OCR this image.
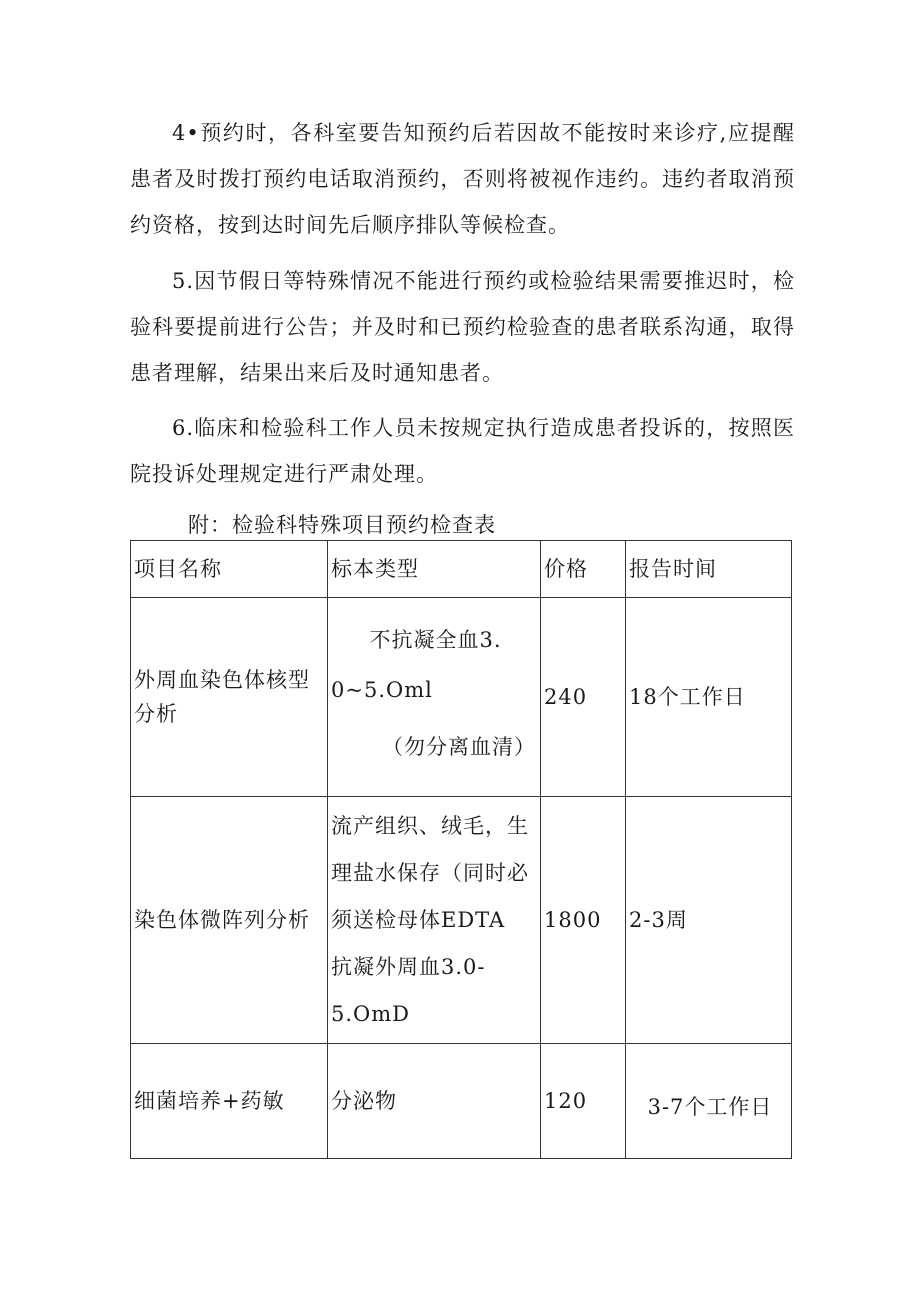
4•预约时，各科室要告知预约后若因故不能按时来诊疗,应提醒患者及时拨打预约电话取消预约，否则将被视作违约。违约者取消预约资格，按到达时间先后顺序排队等候检查。

5.因节假日等特殊情况不能进行预约或检验结果需要推迟时，检验科要提前进行公告；并及时和已预约检验查的患者联系沟通，取得患者理解，结果出来后及时通知患者。

6.临床和检验科工作人员未按规定执行造成患者投诉的，按照医院投诉处理规定进行严肃处理。

附：检验科特殊项目预约检查表

项目名称	标本类型	价格	报告时间
外周血染色体核型分析	不抗凝全血3.
0~5.Oml
（勿分离血清）	240	18个工作日
染色体微阵列分析	流产组织、绒毛，生
理盐水保存（同时必
须送检母体EDTA
抗凝外周血3.0-
5.OmD	1800	2-3周
细菌培养+药敏	分泌物	120	3-7个工作日
